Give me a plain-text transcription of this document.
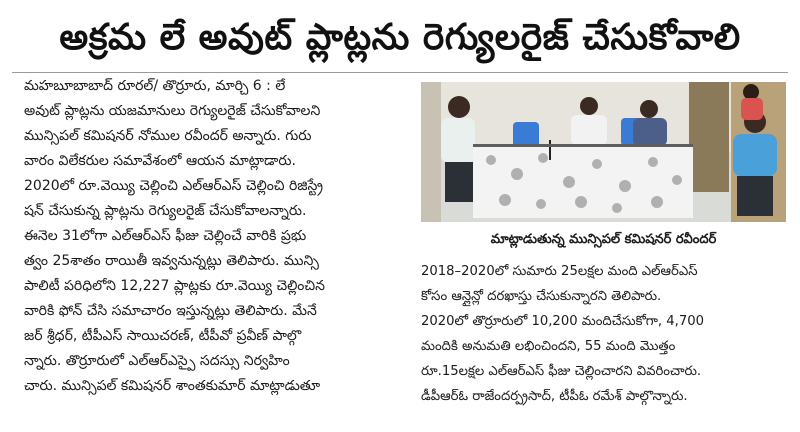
అక్రమ లే అవుట్ ప్లాట్లను రెగ్యులరైజ్ చేసుకోవాలి
మహబూబాబాద్ రూరల్/ తొర్రూరు, మార్చి 6 : లే
అవుట్ ప్లాట్లను యజమానులు రెగ్యులరైజ్ చేసుకోవాలని
మున్సిపల్ కమిషనర్ నోముల రవీందర్ అన్నారు. గురు
వారం విలేకరుల సమావేశంలో ఆయన మాట్లాడారు.
2020లో రూ.వెయ్యి చెల్లించి ఎల్ఆర్ఎస్ చెల్లించి రిజిస్ట్రే
షన్ చేసుకున్న ప్లాట్లను రెగ్యులరైజ్ చేసుకోవాలన్నారు.
ఈనెల 31లోగా ఎల్ఆర్ఎస్ ఫీజు చెల్లించే వారికి ప్రభు
త్వం 25శాతం రాయితీ ఇవ్వనున్నట్లు తెలిపారు. మున్సి
పాలిటీ పరిధిలోని 12,227 ప్లాట్లకు రూ.వెయ్యి చెల్లించిన
వారికి ఫోన్ చేసి సమాచారం ఇస్తున్నట్లు తెలిపారు. మేనే
జర్ శ్రీధర్, టీపీఎస్ సాయిచరణ్, టీపీవో ప్రవీణ్ పాల్గొ
న్నారు. తొర్రూరులో ఎల్ఆర్ఎస్పై సదస్సు నిర్వహిం
చారు. మున్సిపల్ కమిషనర్ శాంతకుమార్ మాట్లాడుతూ
మాట్లాడుతున్న మున్సిపల్ కమిషనర్ రవీందర్
2018–2020లో సుమారు 25లక్షల మంది ఎల్ఆర్ఎస్
కోసం ఆన్లైన్లో దరఖాస్తు చేసుకున్నారని తెలిపారు.
2020లో తొర్రూరులో 10,200 మందిచేసుకోగా, 4,700
మందికి అనుమతి లభించిందని, 55 మంది మొత్తం
రూ.15లక్షల ఎల్ఆర్ఎస్ ఫీజు చెల్లించారని వివరించారు.
డీపీఆర్ఓ రాజేందర్ప్రసాద్, టీపీఓ రమేశ్ పాల్గొన్నారు.
